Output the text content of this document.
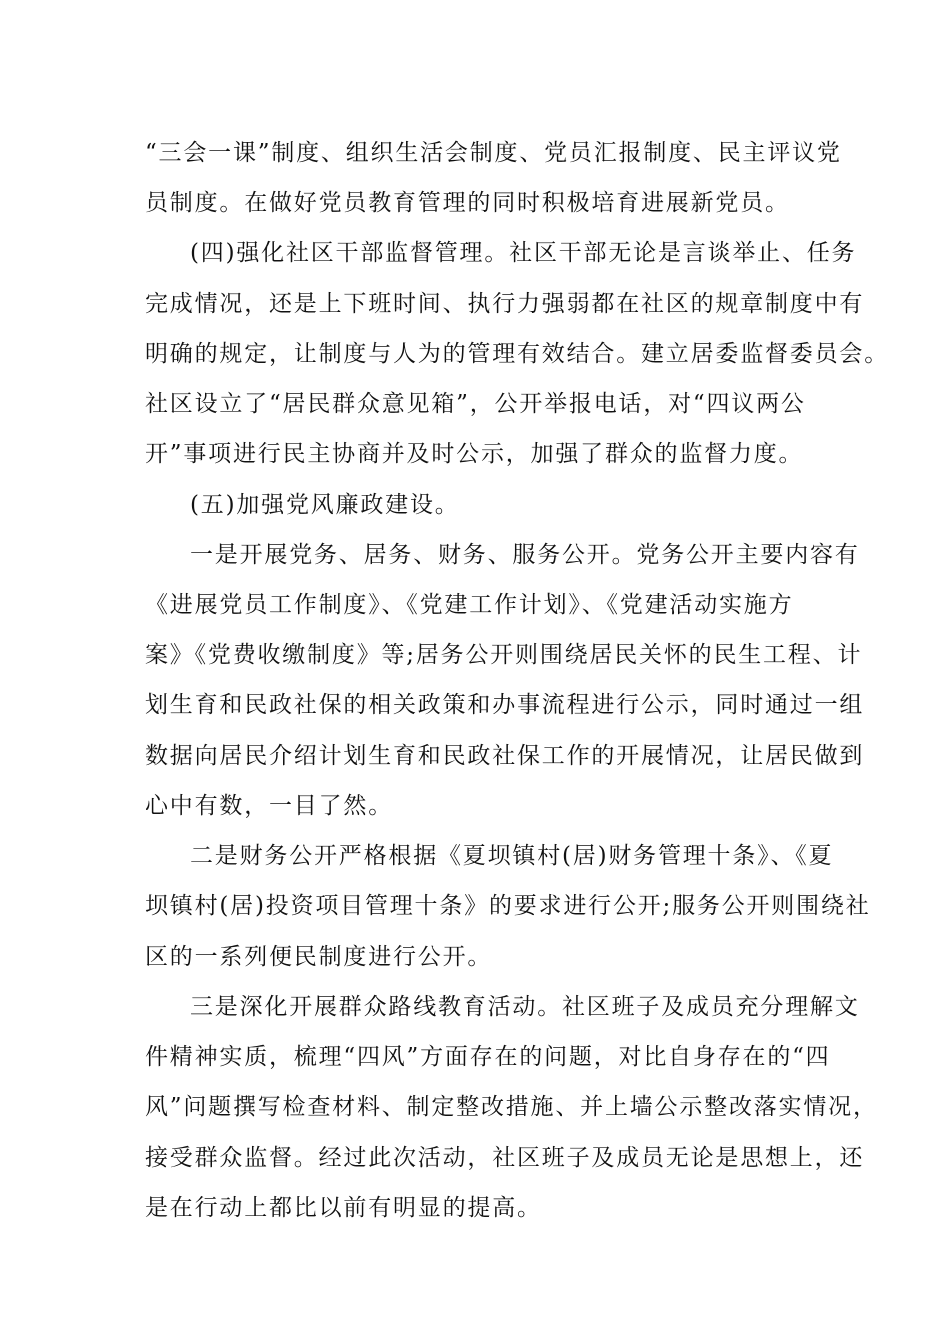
“三会一课”制度、组织生活会制度、党员汇报制度、民主评议党
员制度。在做好党员教育管理的同时积极培育进展新党员。
(四)强化社区干部监督管理。社区干部无论是言谈举止、任务
完成情况，还是上下班时间、执行力强弱都在社区的规章制度中有
明确的规定，让制度与人为的管理有效结合。建立居委监督委员会。
社区设立了“居民群众意见箱”，公开举报电话，对“四议两公
开”事项进行民主协商并及时公示，加强了群众的监督力度。
(五)加强党风廉政建设。
一是开展党务、居务、财务、服务公开。党务公开主要内容有
《进展党员工作制度》、《党建工作计划》、《党建活动实施方
案》《党费收缴制度》等;居务公开则围绕居民关怀的民生工程、计
划生育和民政社保的相关政策和办事流程进行公示，同时通过一组
数据向居民介绍计划生育和民政社保工作的开展情况，让居民做到
心中有数，一目了然。
二是财务公开严格根据《夏坝镇村(居)财务管理十条》、《夏
坝镇村(居)投资项目管理十条》的要求进行公开;服务公开则围绕社
区的一系列便民制度进行公开。
三是深化开展群众路线教育活动。社区班子及成员充分理解文
件精神实质，梳理“四风”方面存在的问题，对比自身存在的“四
风”问题撰写检查材料、制定整改措施、并上墙公示整改落实情况，
接受群众监督。经过此次活动，社区班子及成员无论是思想上，还
是在行动上都比以前有明显的提高。
